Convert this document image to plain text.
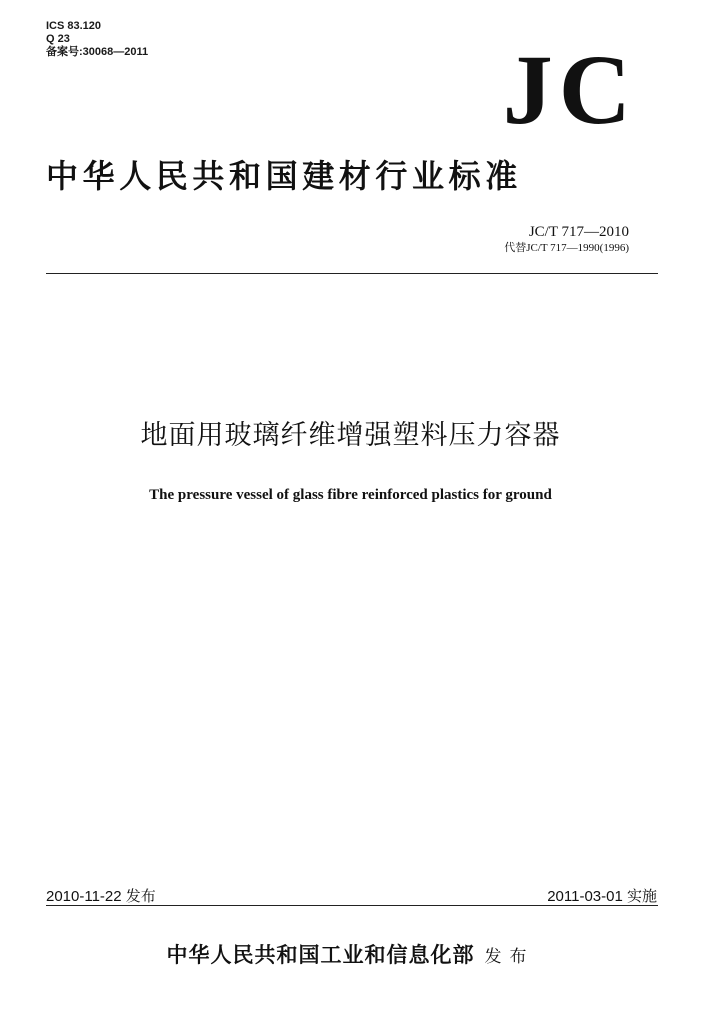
ICS 83.120
Q 23
备案号:30068—2011	JC
中华人民共和国建材行业标准
JC/T 717—2010
代替JC/T 717—1990(1996)
地面用玻璃纤维增强塑料压力容器
The pressure vessel of glass fibre reinforced plastics for ground
2010-11-22 发布	2011-03-01 实施
中华人民共和国工业和信息化部 发布
